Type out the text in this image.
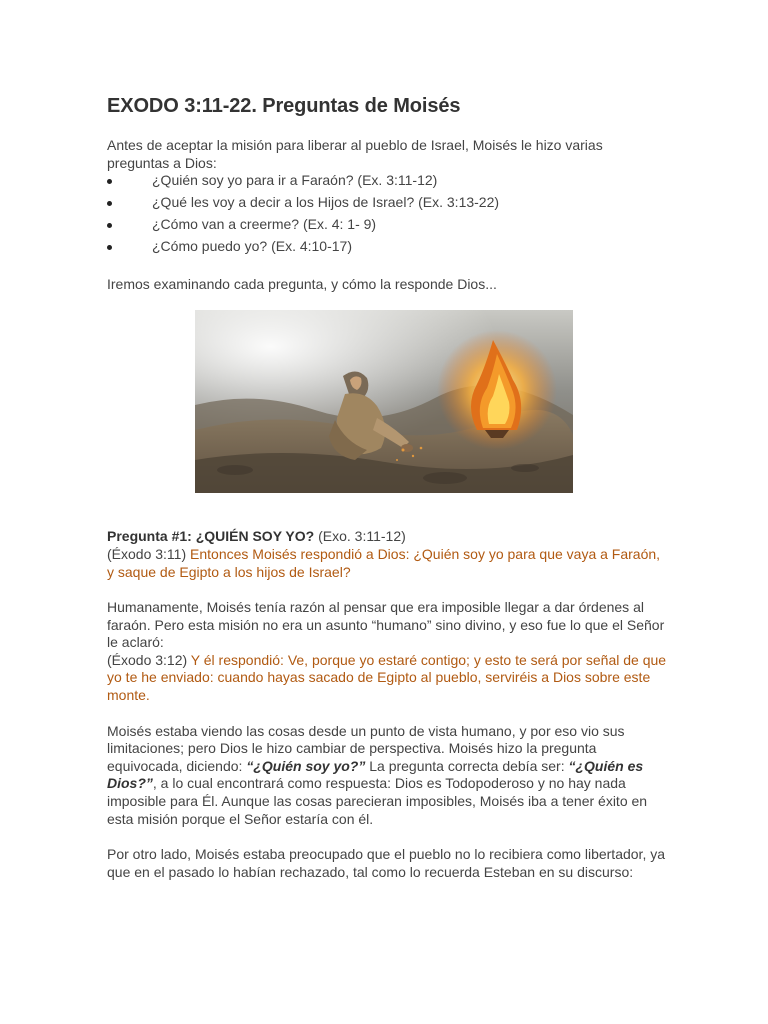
EXODO 3:11-22. Preguntas de Moisés

Antes de aceptar la misión para liberar al pueblo de Israel, Moisés le hizo varias preguntas a Dios:

¿Quién soy yo para ir a Faraón? (Ex. 3:11-12)
¿Qué les voy a decir a los Hijos de Israel? (Ex. 3:13-22)
¿Cómo van a creerme? (Ex. 4: 1- 9)
¿Cómo puedo yo? (Ex. 4:10-17)

Iremos examinando cada pregunta, y cómo la responde Dios...

Pregunta #1: ¿QUIÉN SOY YO? (Exo. 3:11-12)

(Éxodo 3:11) Entonces Moisés respondió a Dios: ¿Quién soy yo para que vaya a Faraón, y saque de Egipto a los hijos de Israel?

Humanamente, Moisés tenía razón al pensar que era imposible llegar a dar órdenes al faraón. Pero esta misión no era un asunto “humano” sino divino, y eso fue lo que el Señor le aclaró:

(Éxodo 3:12) Y él respondió: Ve, porque yo estaré contigo; y esto te será por señal de que yo te he enviado: cuando hayas sacado de Egipto al pueblo, serviréis a Dios sobre este monte.

Moisés estaba viendo las cosas desde un punto de vista humano, y por eso vio sus limitaciones; pero Dios le hizo cambiar de perspectiva. Moisés hizo la pregunta equivocada, diciendo: “¿Quién soy yo?” La pregunta correcta debía ser: “¿Quién es Dios?”, a lo cual encontrará como respuesta: Dios es Todopoderoso y no hay nada imposible para Él. Aunque las cosas parecieran imposibles, Moisés iba a tener éxito en esta misión porque el Señor estaría con él.

Por otro lado, Moisés estaba preocupado que el pueblo no lo recibiera como libertador, ya que en el pasado lo habían rechazado, tal como lo recuerda Esteban en su discurso:
